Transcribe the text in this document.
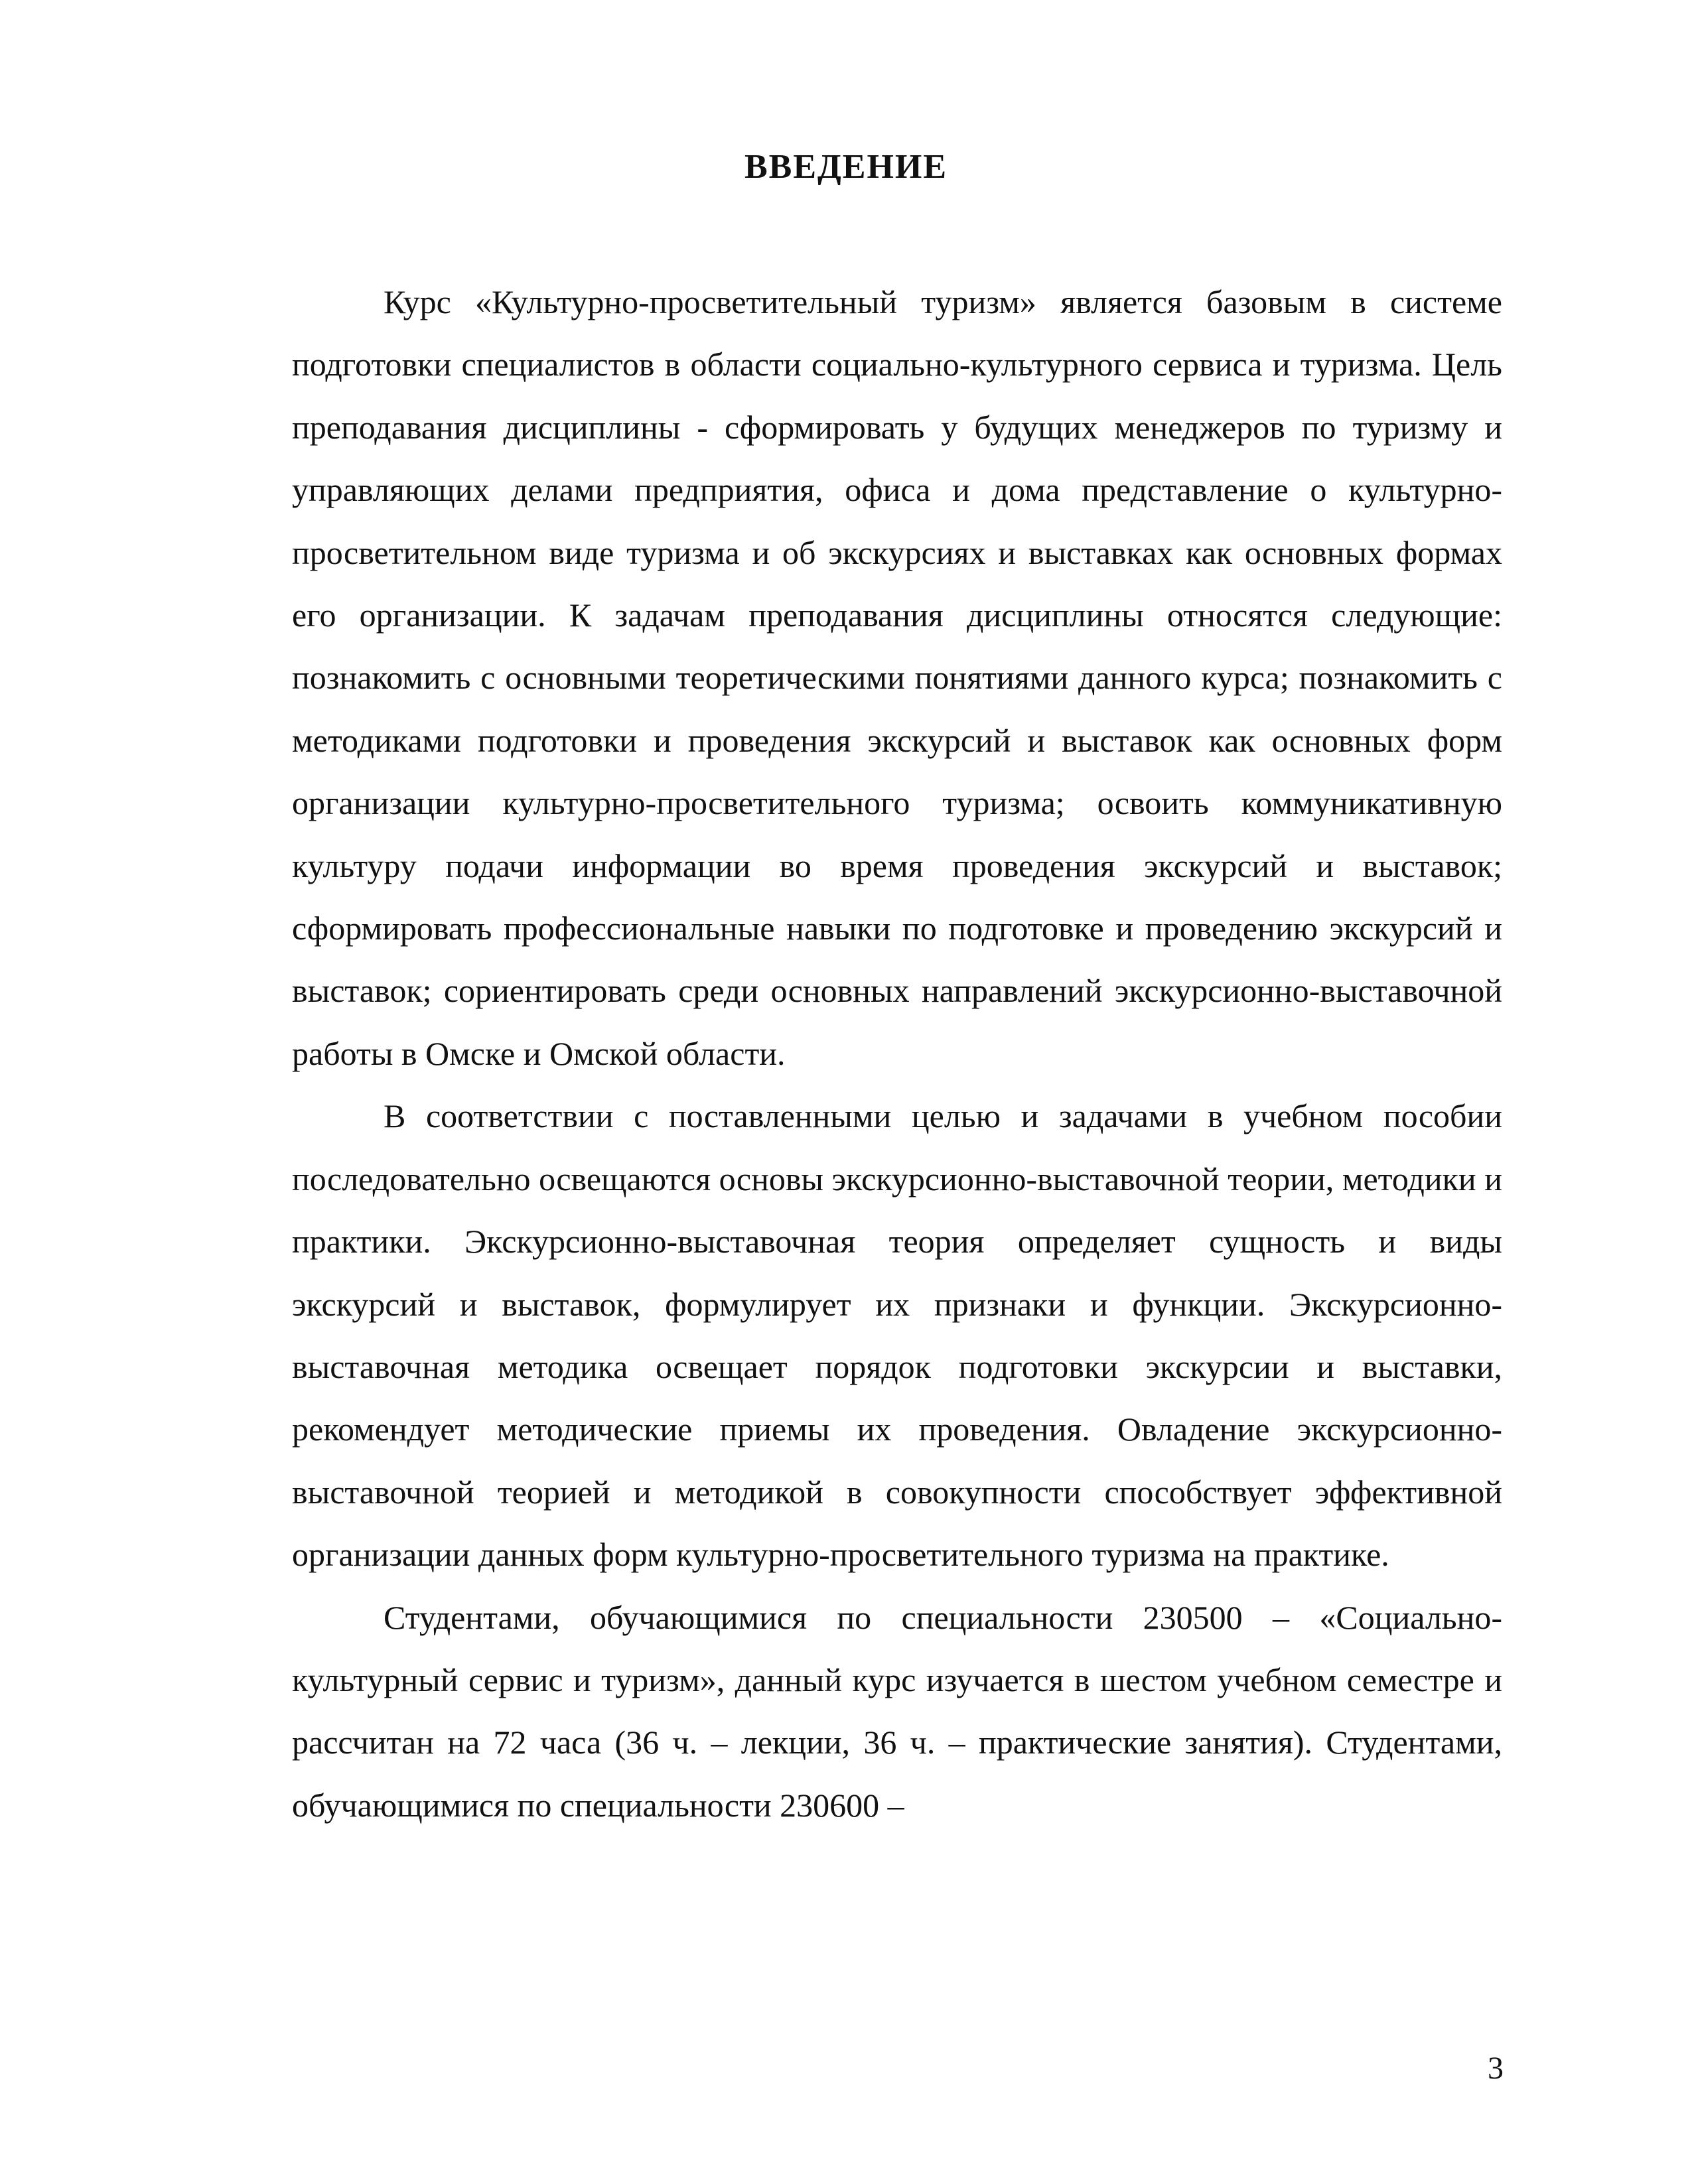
ВВЕДЕНИЕ

Курс «Культурно-просветительный туризм» является базовым в системе подготовки специалистов в области социально-культурного сервиса и туризма. Цель преподавания дисциплины - сформировать у будущих менеджеров по туризму и управляющих делами предприятия, офиса и дома представление о культурно-просветительном виде туризма и об экскурсиях и выставках как основных формах его организации. К задачам преподавания дисциплины относятся следующие: познакомить с основными теоретическими понятиями данного курса; познакомить с методиками подготовки и проведения экскурсий и выставок как основных форм организации культурно-просветительного туризма; освоить коммуникативную культуру подачи информации во время проведения экскурсий и выставок; сформировать профессиональные навыки по подготовке и проведению экскурсий и выставок; сориентировать среди основных направлений экскурсионно-выставочной работы в Омске и Омской области.

В соответствии с поставленными целью и задачами в учебном пособии последовательно освещаются основы экскурсионно-выставочной теории, методики и практики. Экскурсионно-выставочная теория определяет сущность и виды экскурсий и выставок, формулирует их признаки и функции. Экскурсионно-выставочная методика освещает порядок подготовки экскурсии и выставки, рекомендует методические приемы их проведения. Овладение экскурсионно-выставочной теорией и методикой в совокупности способствует эффективной организации данных форм культурно-просветительного туризма на практике.

Студентами, обучающимися по специальности 230500 – «Социально-культурный сервис и туризм», данный курс изучается в шестом учебном семестре и рассчитан на 72 часа (36 ч. – лекции, 36 ч. – практические занятия). Студентами, обучающимися по специальности 230600 –

3
